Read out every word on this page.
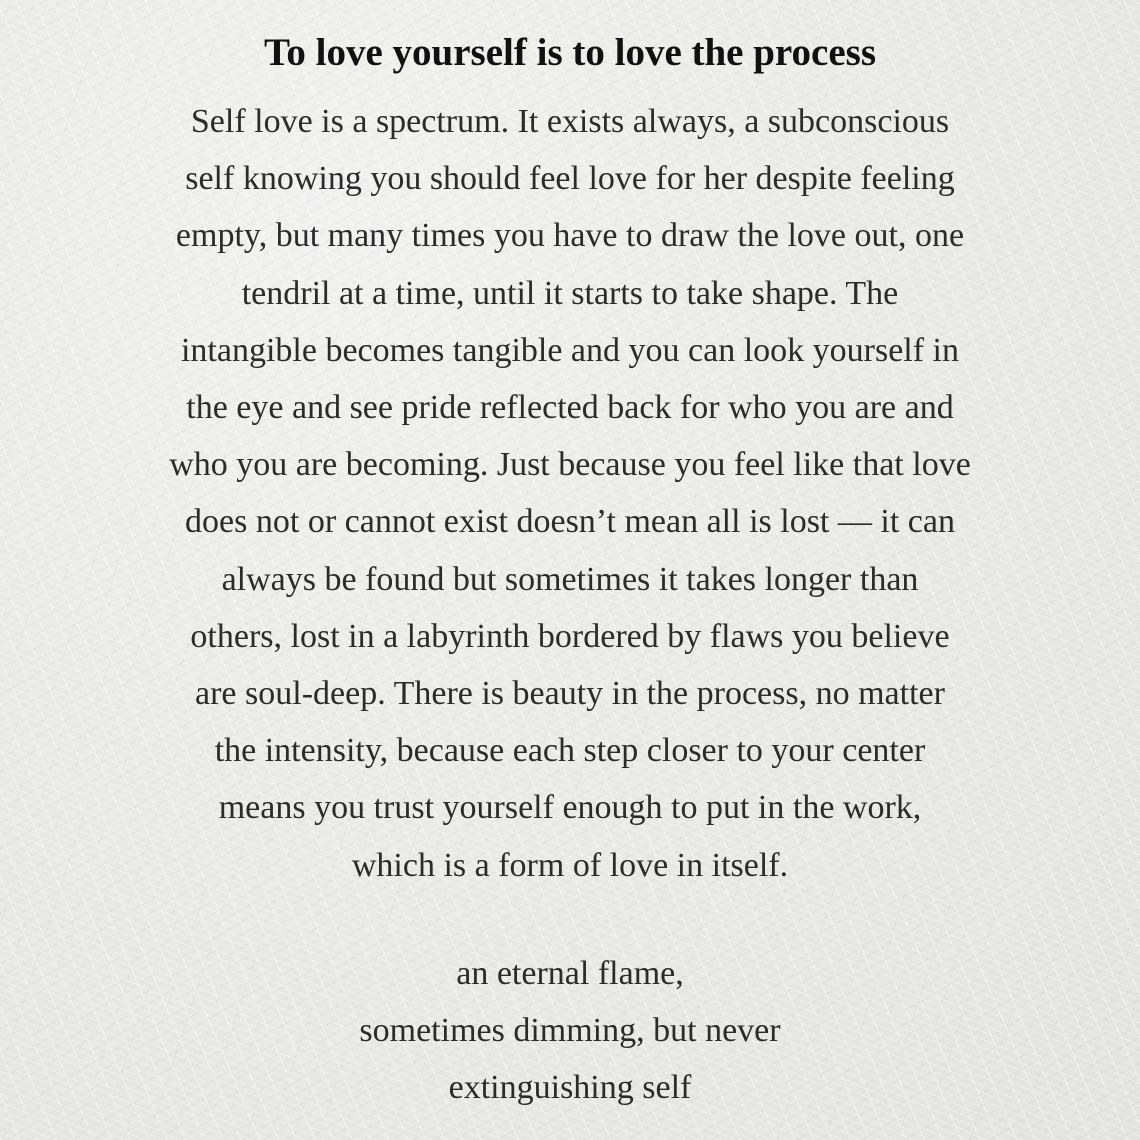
To love yourself is to love the process
Self love is a spectrum. It exists always, a subconscious
self knowing you should feel love for her despite feeling
empty, but many times you have to draw the love out, one
tendril at a time, until it starts to take shape. The
intangible becomes tangible and you can look yourself in
the eye and see pride reflected back for who you are and
who you are becoming. Just because you feel like that love
does not or cannot exist doesn’t mean all is lost — it can
always be found but sometimes it takes longer than
others, lost in a labyrinth bordered by flaws you believe
are soul-deep. There is beauty in the process, no matter
the intensity, because each step closer to your center
means you trust yourself enough to put in the work,
which is a form of love in itself.
an eternal flame,
sometimes dimming, but never
extinguishing self
